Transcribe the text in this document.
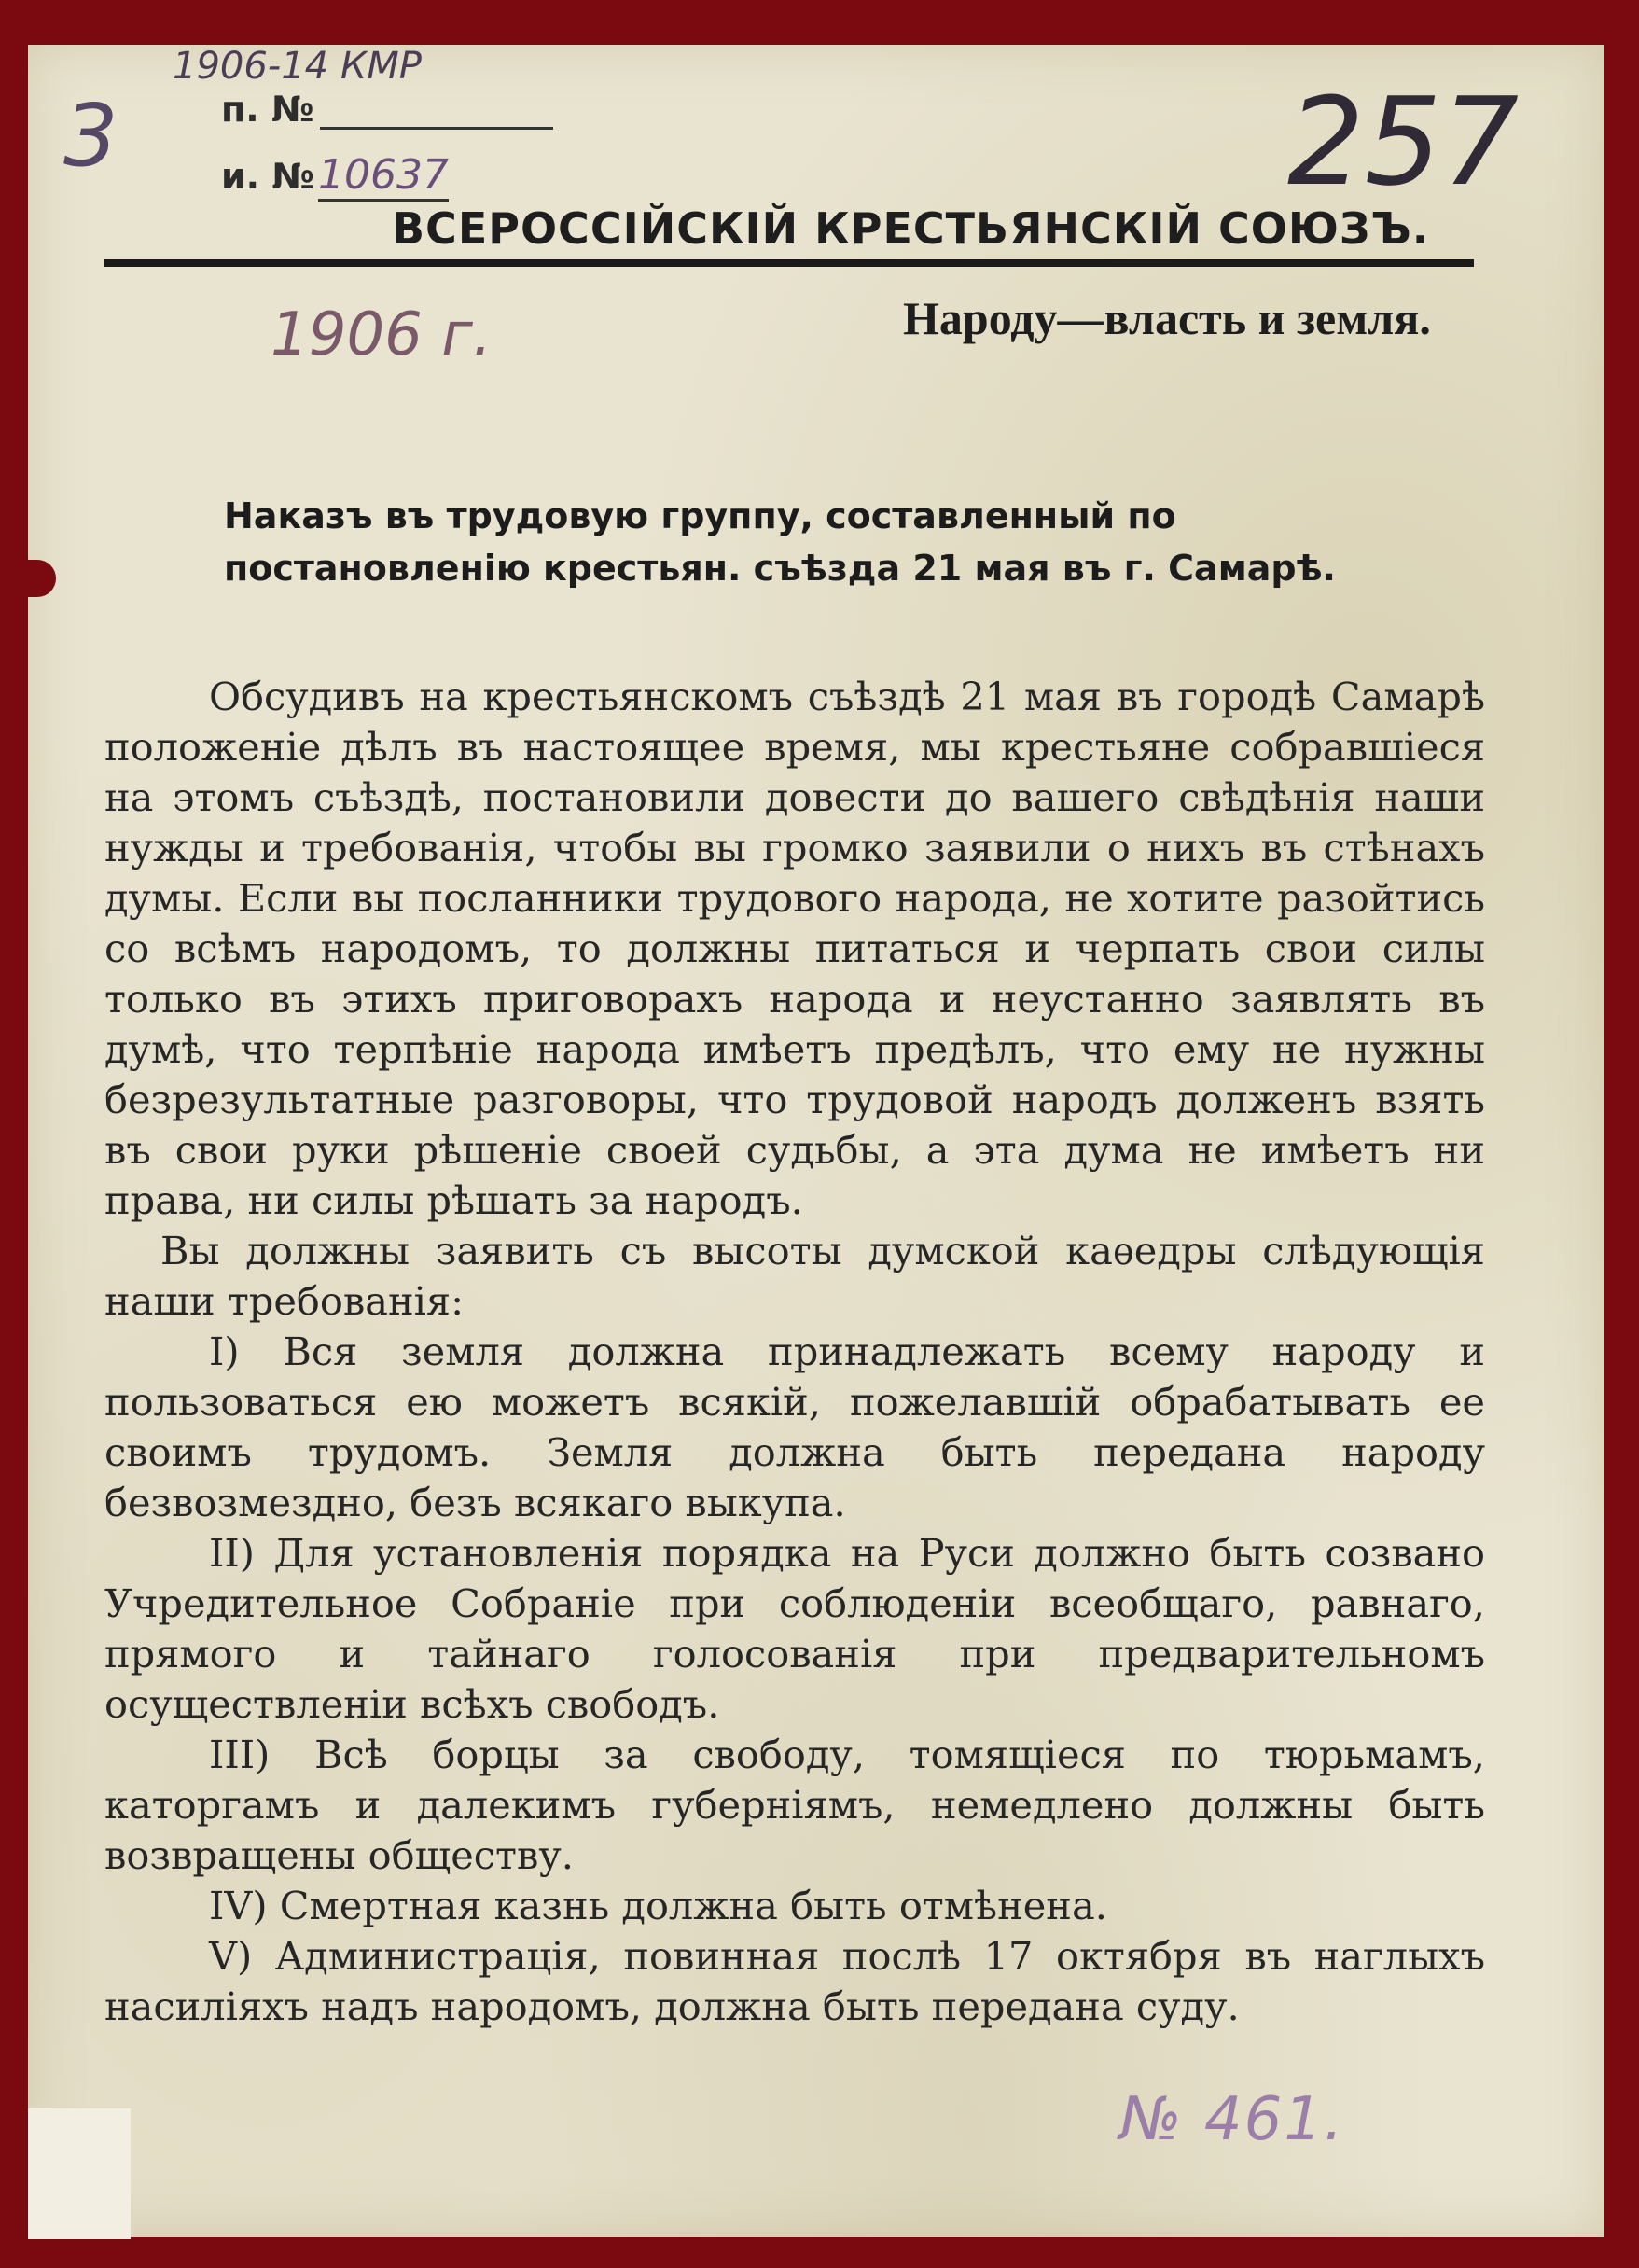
1906-14 КМР
3	257
п. №
и. №10637
ВСЕРОССІЙСКІЙ КРЕСТЬЯНСКІЙ СОЮЗЪ.
1906 г.	Народу—власть и земля.
Наказъ въ трудовую группу, составленный по постановленію крестьян. съѣзда 21 мая въ г. Самарѣ.

Обсудивъ на крестьянскомъ съѣздѣ 21 мая въ городѣ Самарѣ положеніе дѣлъ въ настоящее время, мы крестьяне собравшіеся на этомъ съѣздѣ, постановили довести до вашего свѣдѣнія наши нужды и требованія, чтобы вы громко заявили о нихъ въ стѣнахъ думы. Если вы посланники трудового народа, не хотите разойтись со всѣмъ народомъ, то должны питаться и черпать свои силы только въ этихъ приговорахъ народа и неустанно заявлять въ думѣ, что терпѣніе народа имѣетъ предѣлъ, что ему не нужны безрезультатные разговоры, что трудовой народъ долженъ взять въ свои руки рѣшеніе своей судьбы, а эта дума не имѣетъ ни права, ни силы рѣшать за народъ.

Вы должны заявить съ высоты думской каѳедры слѣдующія наши требованія:

I) Вся земля должна принадлежать всему народу и пользоваться ею можетъ всякій, пожелавшій обрабатывать ее своимъ трудомъ. Земля должна быть передана народу безвозмездно, безъ всякаго выкупа.

II) Для установленія порядка на Руси должно быть созвано Учредительное Собраніе при соблюденіи всеобщаго, равнаго, прямого и тайнаго голосованія при предварительномъ осуществленіи всѣхъ свободъ.

III) Всѣ борцы за свободу, томящіеся по тюрьмамъ, каторгамъ и далекимъ губерніямъ, немедлено должны быть возвращены обществу.

IV) Смертная казнь должна быть отмѣнена.

V) Администрація, повинная послѣ 17 октября въ наглыхъ насиліяхъ надъ народомъ, должна быть передана суду.

№ 461.
